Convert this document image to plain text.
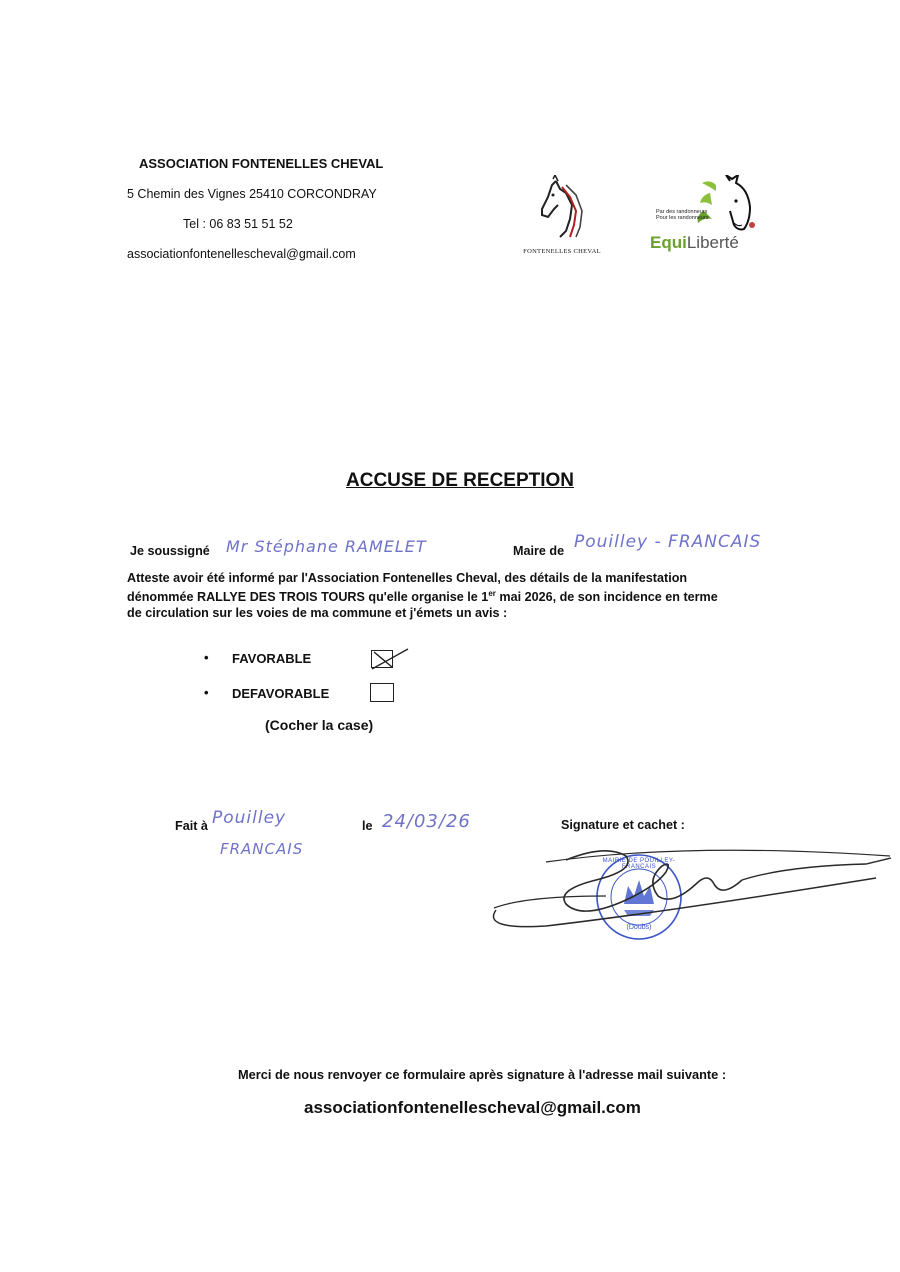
ASSOCIATION FONTENELLES CHEVAL
5 Chemin des Vignes 25410 CORCONDRAY
Tel : 06 83 51 51 52
associationfontenellescheval@gmail.com	FONTENELLES CHEVAL
Par des randonneurs
Pour les randonneurs
EquiLiberté
ACCUSE DE RECEPTION
Je soussigné Mr Stéphane RAMELET	Maire de Pouilley - FRANCAIS
Atteste avoir été informé par l'Association Fontenelles Cheval, des détails de la manifestation
dénommée RALLYE DES TROIS TOURS qu'elle organise le 1er mai 2026, de son incidence en terme
de circulation sur les voies de ma commune et j'émets un avis :
• FAVORABLE
• DEFAVORABLE
(Cocher la case)
Fait à Pouilley
FRANCAIS
le 24/03/26	Signature et cachet :
MAIRIE DE POUILLEY-FRANCAIS
(Doubs)
Merci de nous renvoyer ce formulaire après signature à l'adresse mail suivante :
associationfontenellescheval@gmail.com
